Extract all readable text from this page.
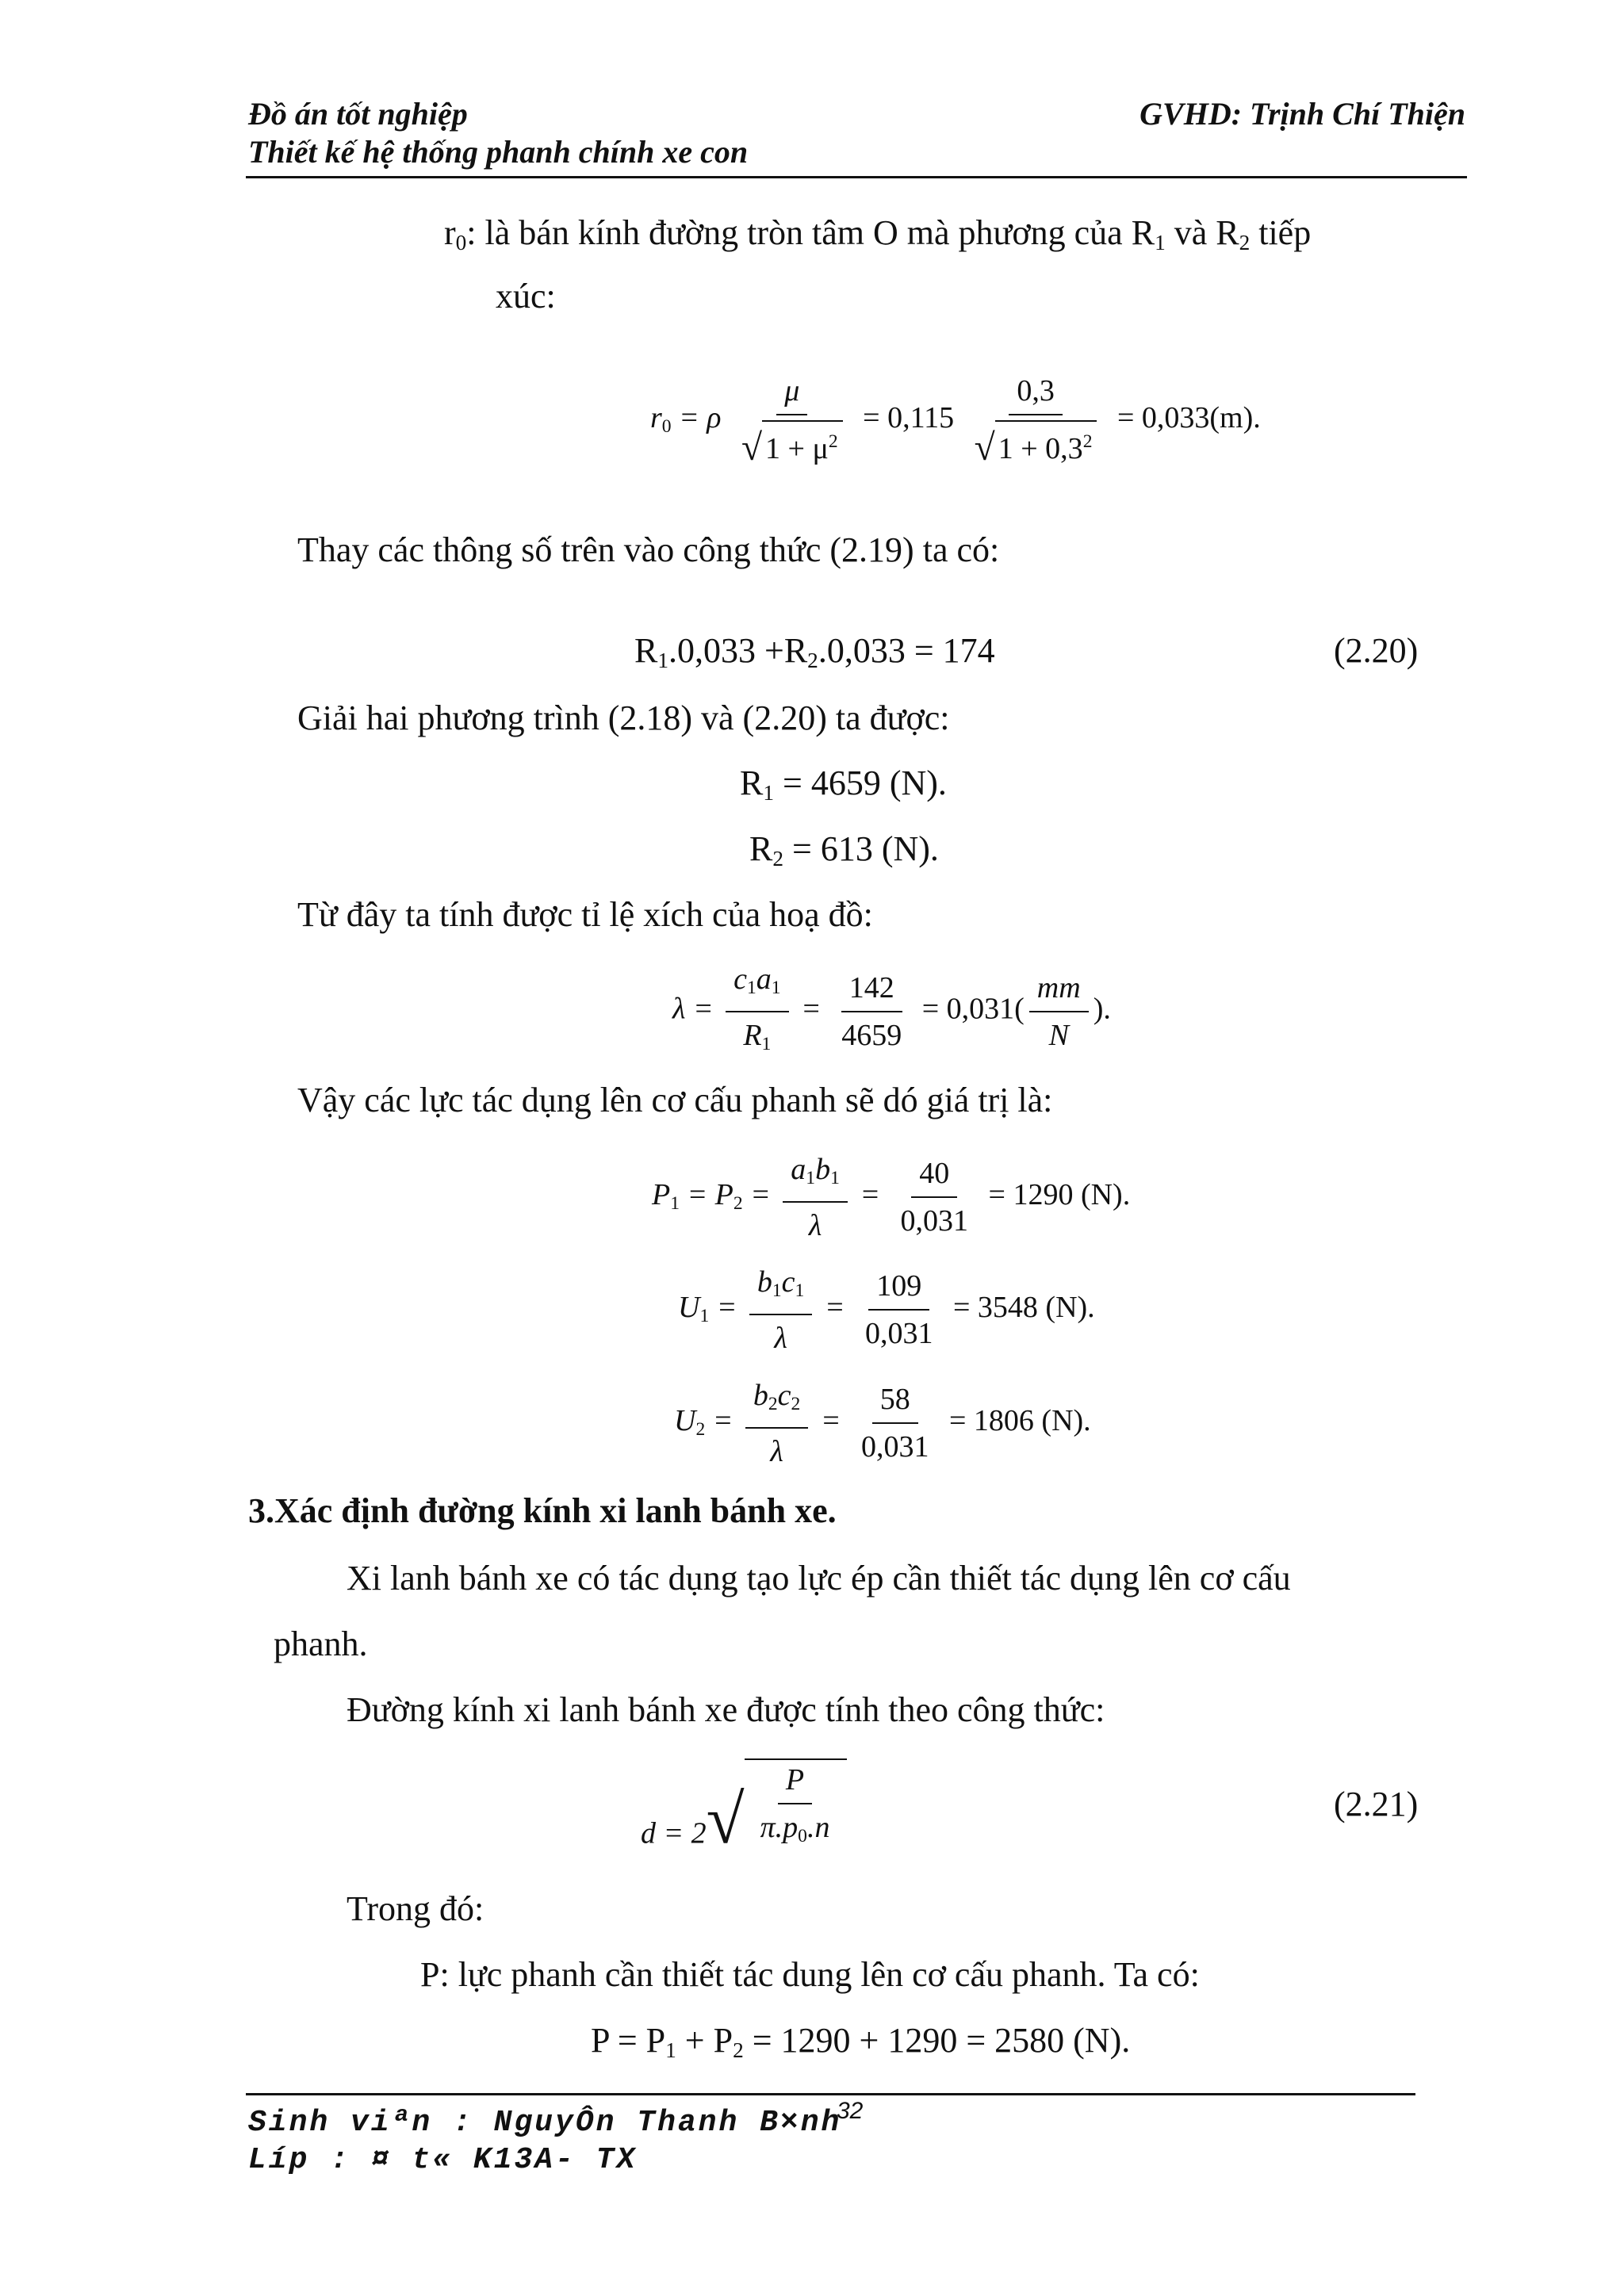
Đồ án tốt nghiệp
Thiết kế hệ thống phanh chính xe con
GVHD: Trịnh Chí Thiện
$r_0$: là bán kính đường tròn tâm O mà phương của $R_1$ và $R_2$ tiếp
xúc:
$r_0 = \rho \frac{\mu}{√ 1 + \mu^2} = 0,115 \frac{0,3}{√ 1 + 0,3^2} = 0,033(m)$.
Thay các thông số trên vào công thức (2.19) ta có:
$R_1.0,033 +R_2.0,033 = 174$	(2.20)
Giải hai phương trình (2.18) và (2.20) ta được:
$R_1 = 4659$ (N).
$R_2 = 613$ (N).
Từ đây ta tính được tỉ lệ xích của hoạ đồ:
$\lambda = \frac{c_1a_1}{R_1} = \frac{142}{4659} = 0,031( \frac{mm}{N}$ ).
Vậy các lực tác dụng lên cơ cấu phanh sẽ dó giá trị là:
$P_1 = P_2 = \frac{a_1b_1}{\lambda} = \frac{40}{0,031} = 1290$ (N).
$U_1 = \frac{b_1c_1}{\lambda} = \frac{109}{0,031} = 3548$ (N).
$U_2 = \frac{b_2c_2}{\lambda} = \frac{58}{0,031} = 1806$ (N).
3.Xác định đường kính xi lanh bánh xe.
Xi lanh bánh xe có tác dụng tạo lực ép cần thiết tác dụng lên cơ cấu
phanh.
Đường kính xi lanh bánh xe được tính theo công thức:
d = 2 √ $\frac{P}{\pi.p_0.n}$	(2.21)
Trong đó:
P: lực phanh cần thiết tác dung lên cơ cấu phanh. Ta có:
$P = P_1 + P_2 = 1290 + 1290 = 2580$ (N).
Sinh viªn : NguyÔn Thanh B×nh
32
Líp : ¤ t« K13A- TX
